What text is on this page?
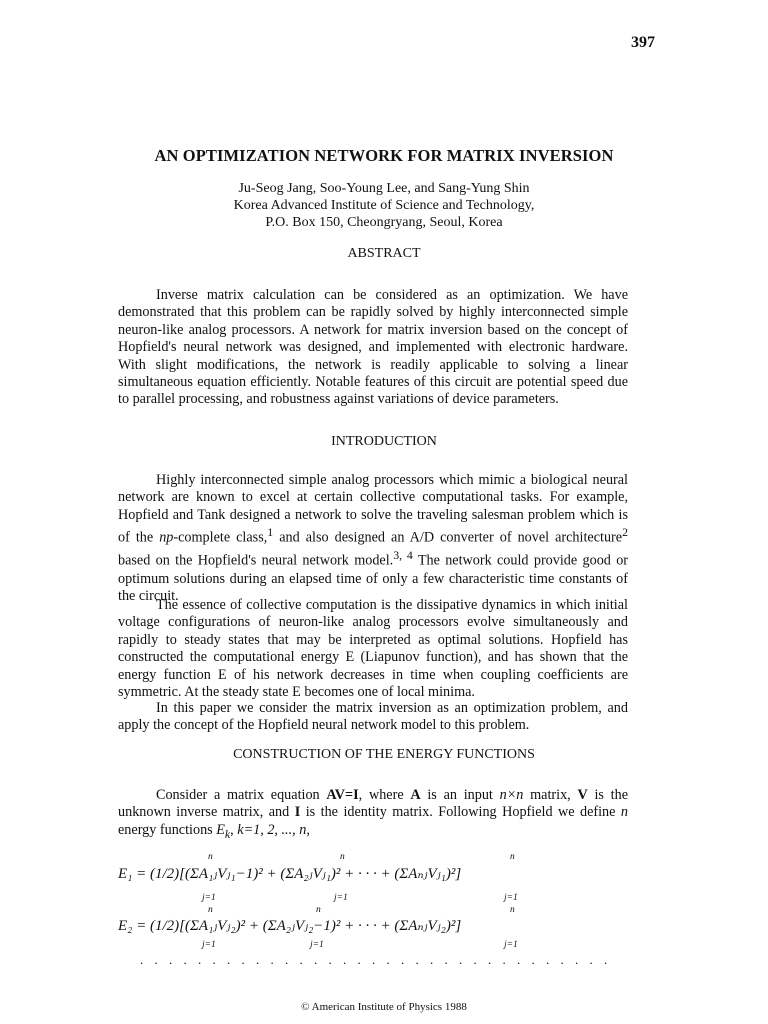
397
AN OPTIMIZATION NETWORK FOR MATRIX INVERSION
Ju-Seog Jang, Soo-Young Lee, and Sang-Yung Shin
Korea Advanced Institute of Science and Technology,
P.O. Box 150, Cheongryang, Seoul, Korea
ABSTRACT

Inverse matrix calculation can be considered as an optimization. We have demonstrated that this problem can be rapidly solved by highly interconnected simple neuron-like analog processors. A network for matrix inversion based on the concept of Hopfield's neural network was designed, and implemented with electronic hardware. With slight modifications, the network is readily applicable to solving a linear simultaneous equation efficiently. Notable features of this circuit are potential speed due to parallel processing, and robustness against variations of device parameters.

INTRODUCTION

Highly interconnected simple analog processors which mimic a biological neural network are known to excel at certain collective computational tasks. For example, Hopfield and Tank designed a network to solve the traveling salesman problem which is of the np-complete class,$^1$ and also designed an A/D converter of novel architecture$^2$ based on the Hopfield's neural network model.$^{3, 4}$ The network could provide good or optimum solutions during an elapsed time of only a few characteristic time constants of the circuit.

The essence of collective computation is the dissipative dynamics in which initial voltage configurations of neuron-like analog processors evolve simultaneously and rapidly to steady states that may be interpreted as optimal solutions. Hopfield has constructed the computational energy E (Liapunov function), and has shown that the energy function E of his network decreases in time when coupling coefficients are symmetric. At the steady state E becomes one of local minima.

In this paper we consider the matrix inversion as an optimization problem, and apply the concept of the Hopfield neural network model to this problem.

CONSTRUCTION OF THE ENERGY FUNCTIONS

Consider a matrix equation AV=I, where A is an input n×n matrix, V is the unknown inverse matrix, and I is the identity matrix. Following Hopfield we define n energy functions $E_k$, k=1, 2, ..., n,

E₁ = (1/2)[(ΣA₁ⱼVⱼ₁−1)² + (ΣA₂ⱼVⱼ₁)² + · · · + (ΣAₙⱼVⱼ₁)²]
n	n	n
j=1	j=1	j=1
E₂ = (1/2)[(ΣA₁ⱼVⱼ₂)² + (ΣA₂ⱼVⱼ₂−1)² + · · · + (ΣAₙⱼVⱼ₂)²]
n	n	n
j=1	j=1	j=1
. . . . . . . . . . . . . . . . . . . . . . . . . . . . . . . . .
© American Institute of Physics 1988
